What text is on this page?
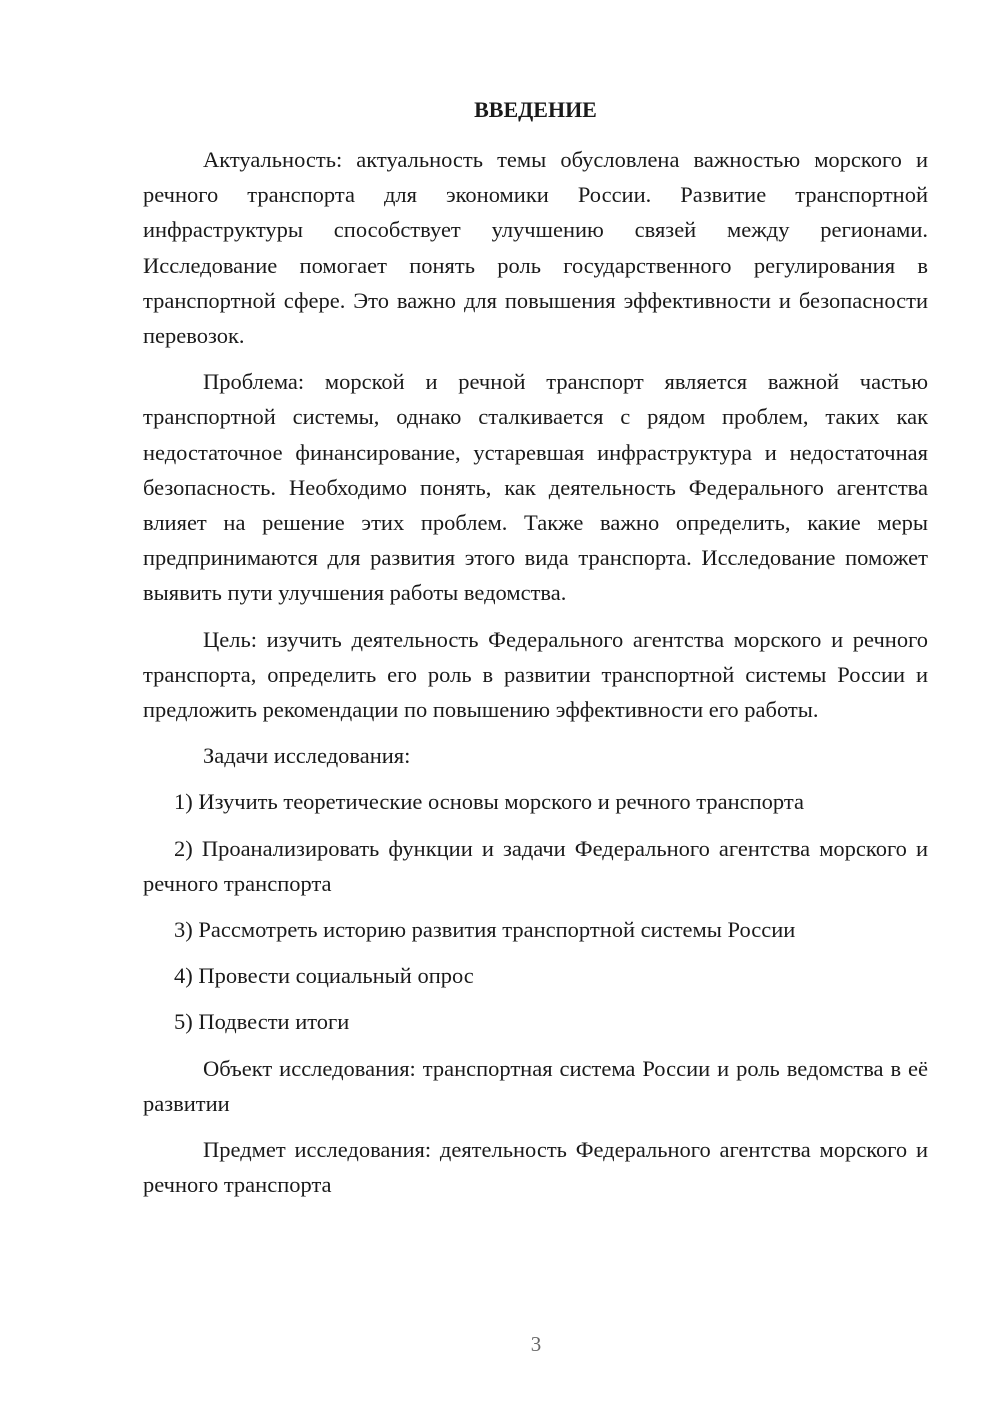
ВВЕДЕНИЕ

Актуальность: актуальность темы обусловлена важностью морского и речного транспорта для экономики России. Развитие транспортной инфраструктуры способствует улучшению связей между регионами. Исследование помогает понять роль государственного регулирования в транспортной сфере. Это важно для повышения эффективности и безопасности перевозок.

Проблема: морской и речной транспорт является важной частью транспортной системы, однако сталкивается с рядом проблем, таких как недостаточное финансирование, устаревшая инфраструктура и недостаточная безопасность. Необходимо понять, как деятельность Федерального агентства влияет на решение этих проблем. Также важно определить, какие меры предпринимаются для развития этого вида транспорта. Исследование поможет выявить пути улучшения работы ведомства.

Цель: изучить деятельность Федерального агентства морского и речного транспорта, определить его роль в развитии транспортной системы России и предложить рекомендации по повышению эффективности его работы.

Задачи исследования:

1) Изучить теоретические основы морского и речного транспорта

2) Проанализировать функции и задачи Федерального агентства морского и речного транспорта

3) Рассмотреть историю развития транспортной системы России

4) Провести социальный опрос

5) Подвести итоги

Объект исследования: транспортная система России и роль ведомства в её развитии

Предмет исследования: деятельность Федерального агентства морского и речного транспорта

3
